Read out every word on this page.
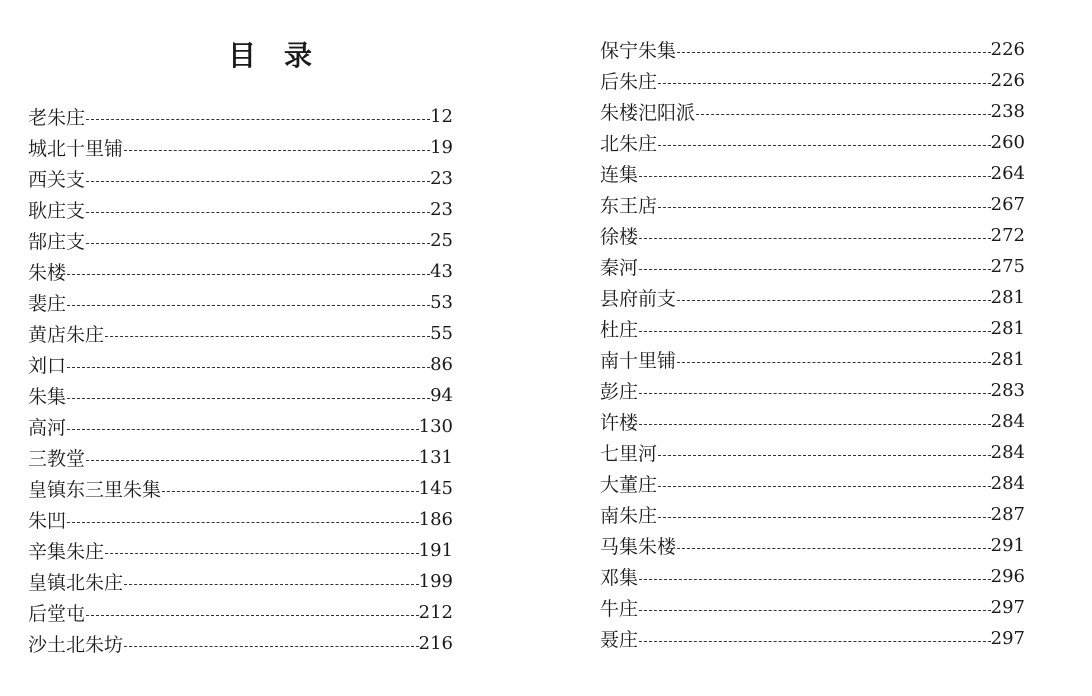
目　录
老朱庄	12
城北十里铺	19
西关支	23
耿庄支	23
郜庄支	25
朱楼	43
裴庄	53
黄店朱庄	55
刘口	86
朱集	94
高河	130
三教堂	131
皇镇东三里朱集	145
朱凹	186
辛集朱庄	191
皇镇北朱庄	199
后堂屯	212
沙土北朱坊	216
保宁朱集	226
后朱庄	226
朱楼汜阳派	238
北朱庄	260
连集	264
东王店	267
徐楼	272
秦河	275
县府前支	281
杜庄	281
南十里铺	281
彭庄	283
许楼	284
七里河	284
大董庄	284
南朱庄	287
马集朱楼	291
邓集	296
牛庄	297
聂庄	297
